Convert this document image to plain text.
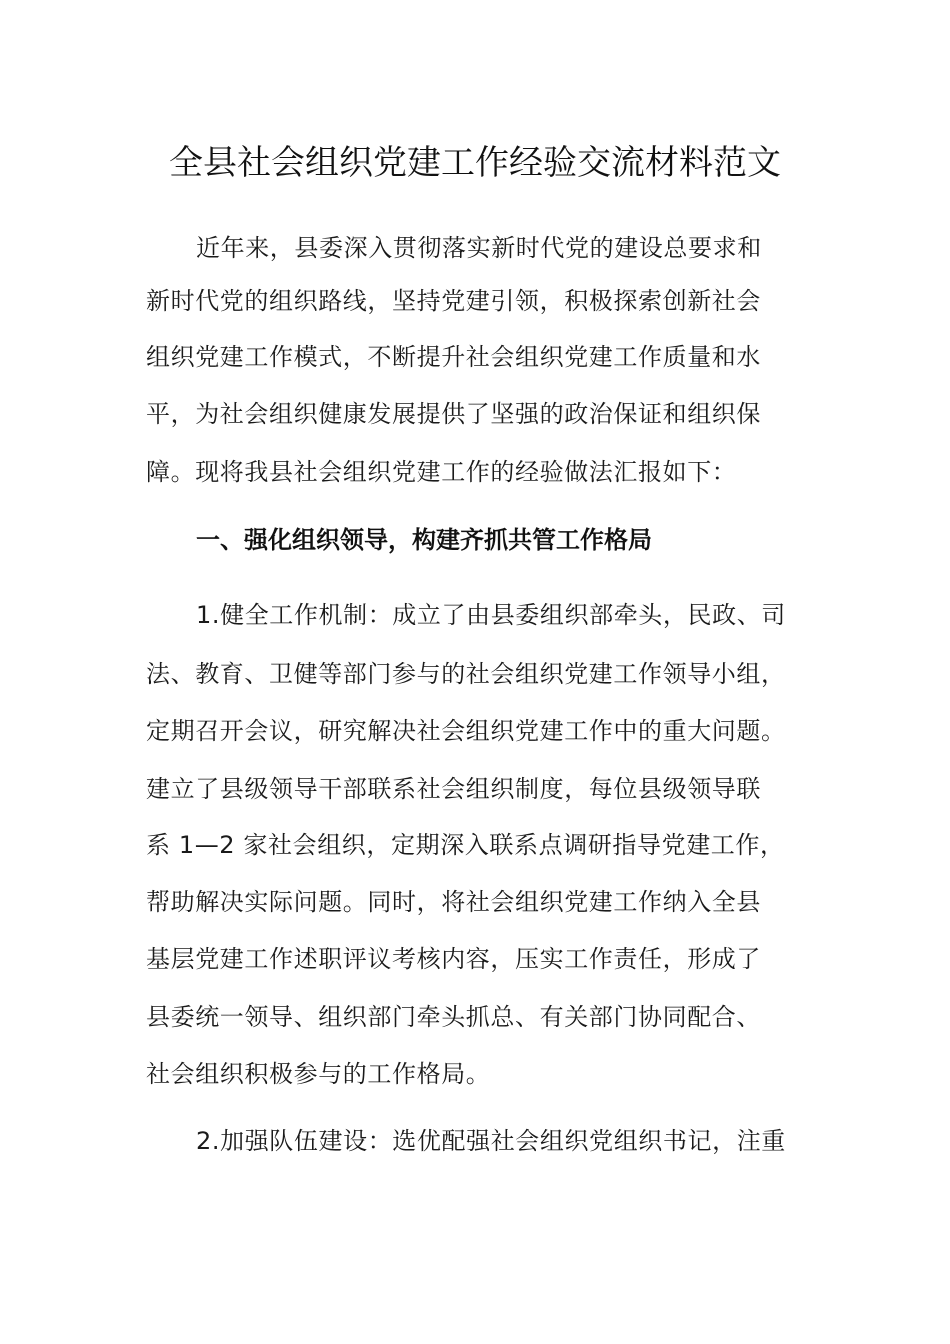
全县社会组织党建工作经验交流材料范文
近年来，县委深入贯彻落实新时代党的建设总要求和
新时代党的组织路线，坚持党建引领，积极探索创新社会
组织党建工作模式，不断提升社会组织党建工作质量和水
平，为社会组织健康发展提供了坚强的政治保证和组织保
障。现将我县社会组织党建工作的经验做法汇报如下：
一、强化组织领导，构建齐抓共管工作格局
1.健全工作机制：成立了由县委组织部牵头，民政、司
法、教育、卫健等部门参与的社会组织党建工作领导小组，
定期召开会议，研究解决社会组织党建工作中的重大问题。
建立了县级领导干部联系社会组织制度，每位县级领导联
系 1—2 家社会组织，定期深入联系点调研指导党建工作，
帮助解决实际问题。同时，将社会组织党建工作纳入全县
基层党建工作述职评议考核内容，压实工作责任，形成了
县委统一领导、组织部门牵头抓总、有关部门协同配合、
社会组织积极参与的工作格局。
2.加强队伍建设：选优配强社会组织党组织书记，注重
